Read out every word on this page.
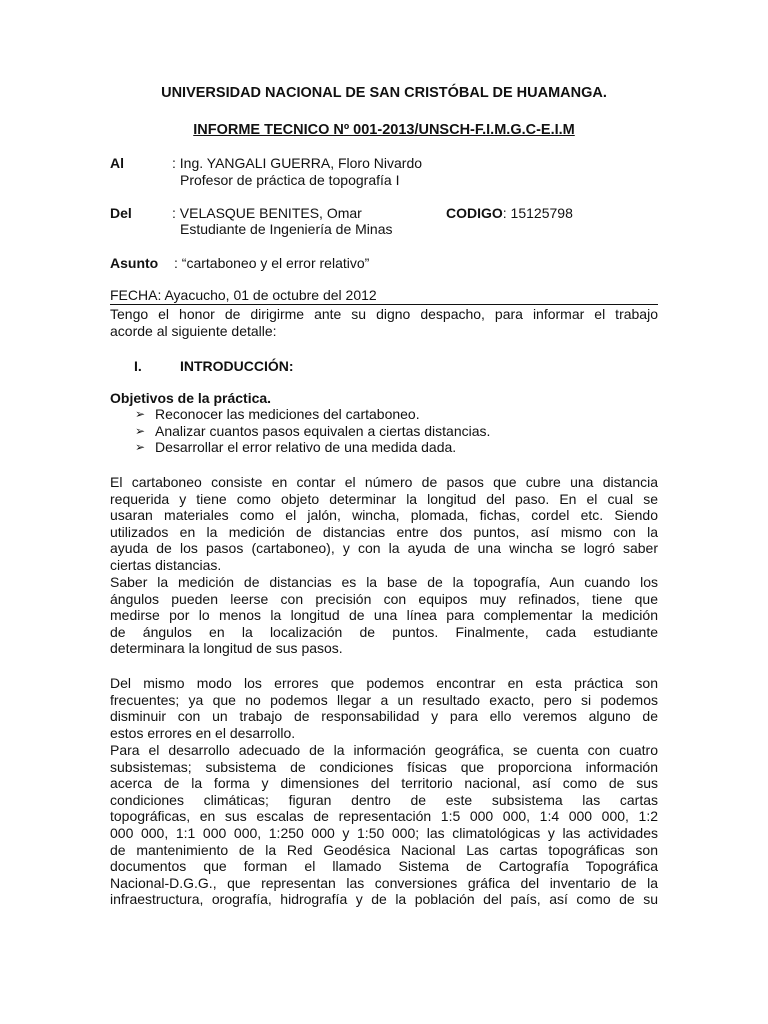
UNIVERSIDAD NACIONAL DE SAN CRISTÓBAL DE HUAMANGA.
INFORME TECNICO Nº 001-2013/UNSCH-F.I.M.G.C-E.I.M
Al	: Ing. YANGALI GUERRA, Floro Nivardo
Profesor de práctica de topografía I
Del	: VELASQUE BENITES, Omar	CODIGO: 15125798
Estudiante de Ingeniería de Minas
Asunto : “cartaboneo y el error relativo”
FECHA: Ayacucho, 01 de octubre del 2012
Tengo el honor de dirigirme ante su digno despacho, para informar el trabajo
acorde al siguiente detalle:
I.	INTRODUCCIÓN:
Objetivos de la práctica.
➢ Reconocer las mediciones del cartaboneo.
➢ Analizar cuantos pasos equivalen a ciertas distancias.
➢ Desarrollar el error relativo de una medida dada.
El cartaboneo consiste en contar el número de pasos que cubre una distancia
requerida y tiene como objeto determinar la longitud del paso. En el cual se
usaran materiales como el jalón, wincha, plomada, fichas, cordel etc. Siendo
utilizados en la medición de distancias entre dos puntos, así mismo con la
ayuda de los pasos (cartaboneo), y con la ayuda de una wincha se logró saber
ciertas distancias.
Saber la medición de distancias es la base de la topografía, Aun cuando los
ángulos pueden leerse con precisión con equipos muy refinados, tiene que
medirse por lo menos la longitud de una línea para complementar la medición
de ángulos en la localización de puntos. Finalmente, cada estudiante
determinara la longitud de sus pasos.
Del mismo modo los errores que podemos encontrar en esta práctica son
frecuentes; ya que no podemos llegar a un resultado exacto, pero si podemos
disminuir con un trabajo de responsabilidad y para ello veremos alguno de
estos errores en el desarrollo.
Para el desarrollo adecuado de la información geográfica, se cuenta con cuatro
subsistemas; subsistema de condiciones físicas que proporciona información
acerca de la forma y dimensiones del territorio nacional, así como de sus
condiciones climáticas; figuran dentro de este subsistema las cartas
topográficas, en sus escalas de representación 1:5 000 000, 1:4 000 000, 1:2
000 000, 1:1 000 000, 1:250 000 y 1:50 000; las climatológicas y las actividades
de mantenimiento de la Red Geodésica Nacional Las cartas topográficas son
documentos que forman el llamado Sistema de Cartografía Topográfica
Nacional-D.G.G., que representan las conversiones gráfica del inventario de la
infraestructura, orografía, hidrografía y de la población del país, así como de su
